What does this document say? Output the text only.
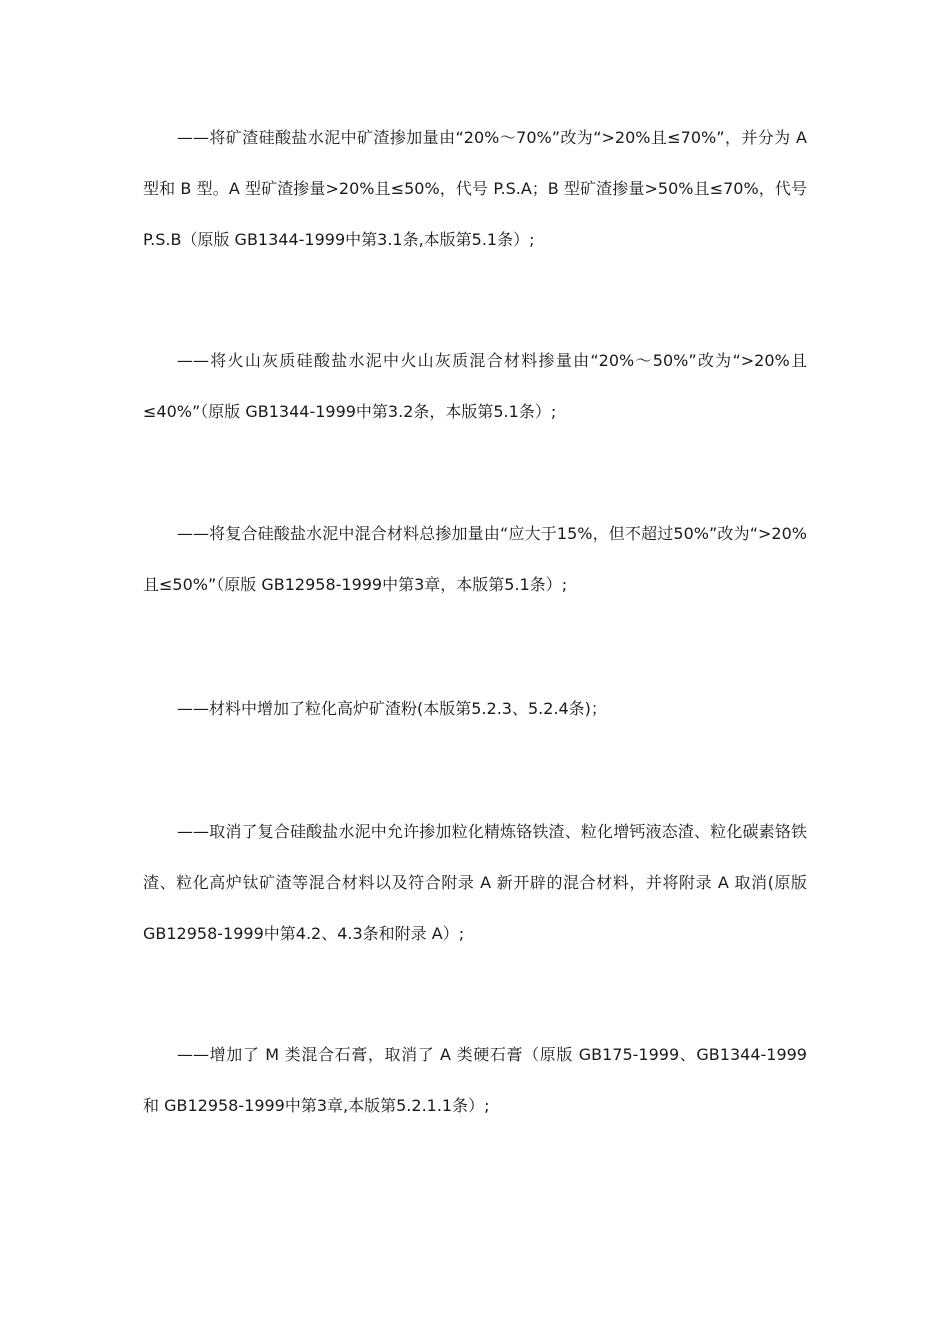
——将矿渣硅酸盐水泥中矿渣掺加量由“20%～70%”改为“>20%且≤70%”，并分为 A 型和 B 型。A 型矿渣掺量>20%且≤50%，代号 P.S.A；B 型矿渣掺量>50%且≤70%，代号 P.S.B（原版 GB1344-1999中第3.1条,本版第5.1条）;

——将火山灰质硅酸盐水泥中火山灰质混合材料掺量由“20%～50%”改为“>20%且≤40%”（原版 GB1344-1999中第3.2条，本版第5.1条）;

——将复合硅酸盐水泥中混合材料总掺加量由“应大于15%，但不超过50%”改为“>20%且≤50%”（原版 GB12958-1999中第3章，本版第5.1条）;

——材料中增加了粒化高炉矿渣粉(本版第5.2.3、5.2.4条)；

——取消了复合硅酸盐水泥中允许掺加粒化精炼铬铁渣、粒化增钙液态渣、粒化碳素铬铁渣、粒化高炉钛矿渣等混合材料以及符合附录 A 新开辟的混合材料，并将附录 A 取消(原版 GB12958-1999中第4.2、4.3条和附录 A）;

——增加了 M 类混合石膏，取消了 A 类硬石膏（原版 GB175-1999、GB1344-1999 和 GB12958-1999中第3章,本版第5.2.1.1条）;
